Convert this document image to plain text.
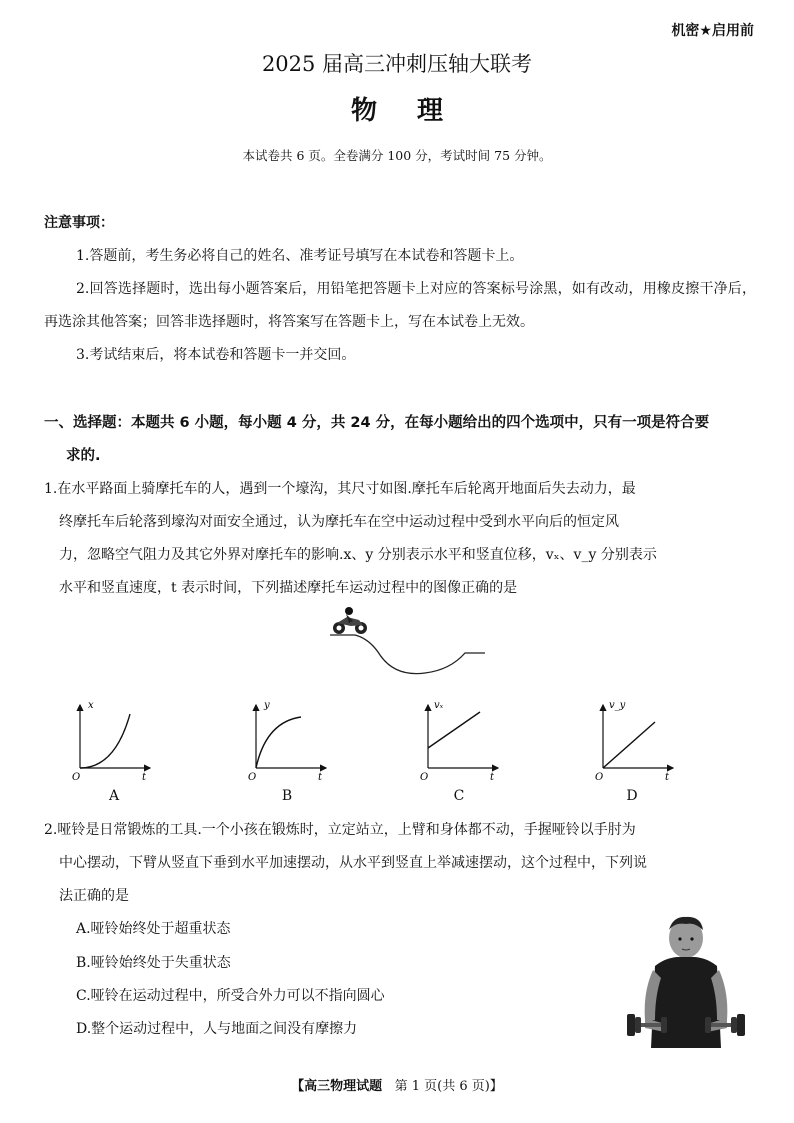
机密★启用前
2025 届高三冲刺压轴大联考
物 理
本试卷共 6 页。全卷满分 100 分，考试时间 75 分钟。
注意事项：
1.答题前，考生务必将自己的姓名、准考证号填写在本试卷和答题卡上。
2.回答选择题时，选出每小题答案后，用铅笔把答题卡上对应的答案标号涂黑，如有改动，用橡皮擦干净后，再选涂其他答案；回答非选择题时，将答案写在答题卡上，写在本试卷上无效。
3.考试结束后，将本试卷和答题卡一并交回。
一、选择题：本题共 6 小题，每小题 4 分，共 24 分，在每小题给出的四个选项中，只有一项是符合要
求的.
1.在水平路面上骑摩托车的人，遇到一个壕沟，其尺寸如图.摩托车后轮离开地面后失去动力，最
终摩托车后轮落到壕沟对面安全通过，认为摩托车在空中运动过程中受到水平向后的恒定风
力，忽略空气阻力及其它外界对摩托车的影响.x、y 分别表示水平和竖直位移，vₓ、v_y 分别表示
水平和竖直速度，t 表示时间，下列描述摩托车运动过程中的图像正确的是
x
t
O
A
y
t
O
B
vₓ
t
O
C
v_y
t
O
D
2.哑铃是日常锻炼的工具.一个小孩在锻炼时，立定站立，上臂和身体都不动，手握哑铃以手肘为
中心摆动，下臂从竖直下垂到水平加速摆动，从水平到竖直上举减速摆动，这个过程中，下列说
法正确的是
A.哑铃始终处于超重状态
B.哑铃始终处于失重状态
C.哑铃在运动过程中，所受合外力可以不指向圆心
D.整个运动过程中，人与地面之间没有摩擦力
【高三物理试题 第 1 页(共 6 页)】
